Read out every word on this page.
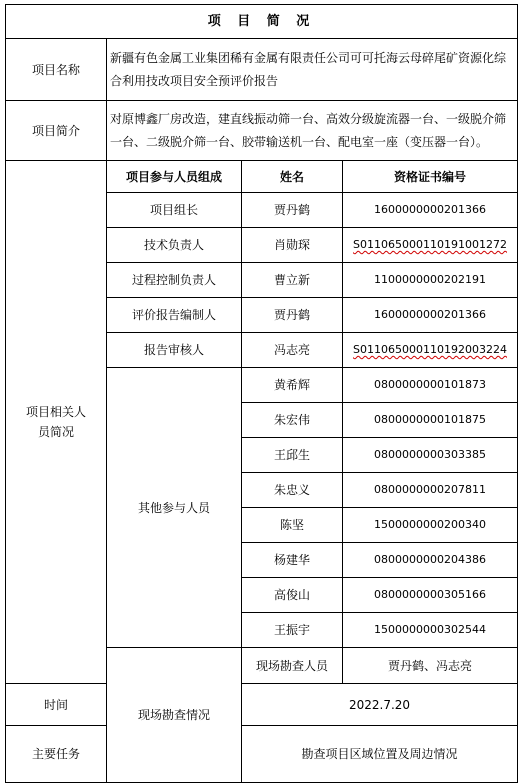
项 目 简 况			
项目名称	新疆有色金属工业集团稀有金属有限责任公司可可托海云母碎尾矿资源化综合利用技改项目安全预评价报告		
项目简介	对原博鑫厂房改造，建直线振动筛一台、高效分级旋流器一台、一级脱介筛一台、二级脱介筛一台、胶带输送机一台、配电室一座（变压器一台）。		
项目相关人员简况	项目参与人员组成	姓名	资格证书编号
	项目组长	贾丹鹤	1600000000201366
	技术负责人	肖勋琛	S011065000110191001272
	过程控制负责人	曹立新	1100000000202191
	评价报告编制人	贾丹鹤	1600000000201366
	报告审核人	冯志亮	S011065000110192003224
	其他参与人员	黄希辉	0800000000101873
		朱宏伟	0800000000101875
		王邱生	0800000000303385
		朱忠义	0800000000207811
		陈坚	1500000000200340
		杨建华	0800000000204386
		高俊山	0800000000305166
		王振宇	1500000000302544
	现场勘查情况	现场勘查人员	贾丹鹤、冯志亮
时间		2022.7.20	
主要任务		勘查项目区域位置及周边情况	
